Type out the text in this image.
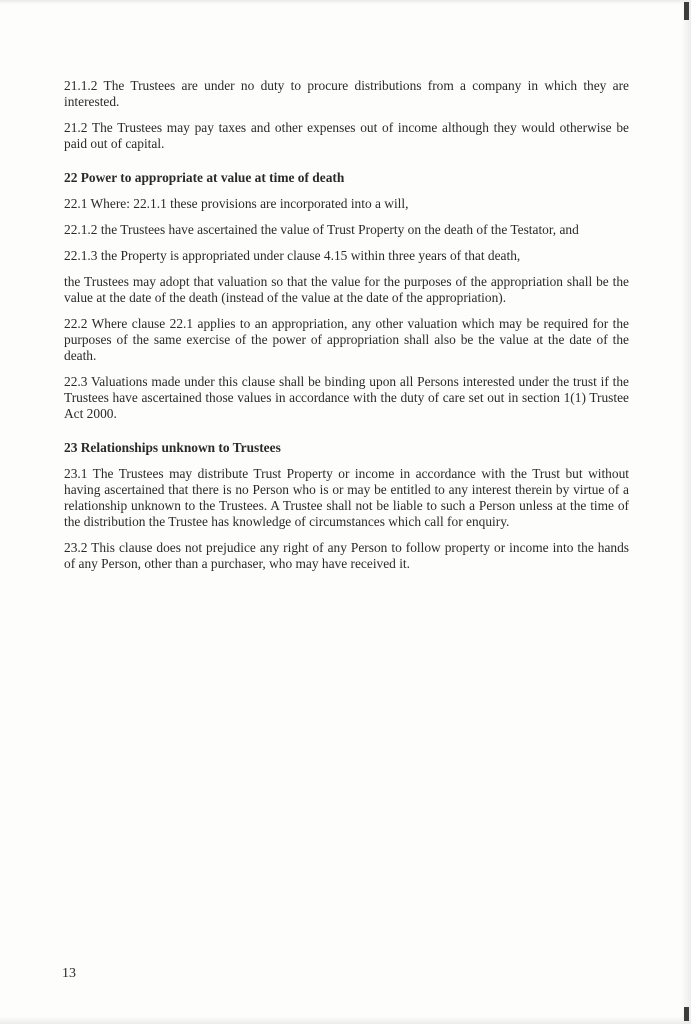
21.1.2 The Trustees are under no duty to procure distributions from a company in which they are interested.

21.2 The Trustees may pay taxes and other expenses out of income although they would otherwise be paid out of capital.

22 Power to appropriate at value at time of death

22.1 Where: 22.1.1 these provisions are incorporated into a will,

22.1.2 the Trustees have ascertained the value of Trust Property on the death of the Testator, and

22.1.3 the Property is appropriated under clause 4.15 within three years of that death,

the Trustees may adopt that valuation so that the value for the purposes of the appropriation shall be the value at the date of the death (instead of the value at the date of the appropriation).

22.2 Where clause 22.1 applies to an appropriation, any other valuation which may be required for the purposes of the same exercise of the power of appropriation shall also be the value at the date of the death.

22.3 Valuations made under this clause shall be binding upon all Persons interested under the trust if the Trustees have ascertained those values in accordance with the duty of care set out in section 1(1) Trustee Act 2000.

23 Relationships unknown to Trustees

23.1 The Trustees may distribute Trust Property or income in accordance with the Trust but without having ascertained that there is no Person who is or may be entitled to any interest therein by virtue of a relationship unknown to the Trustees. A Trustee shall not be liable to such a Person unless at the time of the distribution the Trustee has knowledge of circumstances which call for enquiry.

23.2 This clause does not prejudice any right of any Person to follow property or income into the hands of any Person, other than a purchaser, who may have received it.

13
